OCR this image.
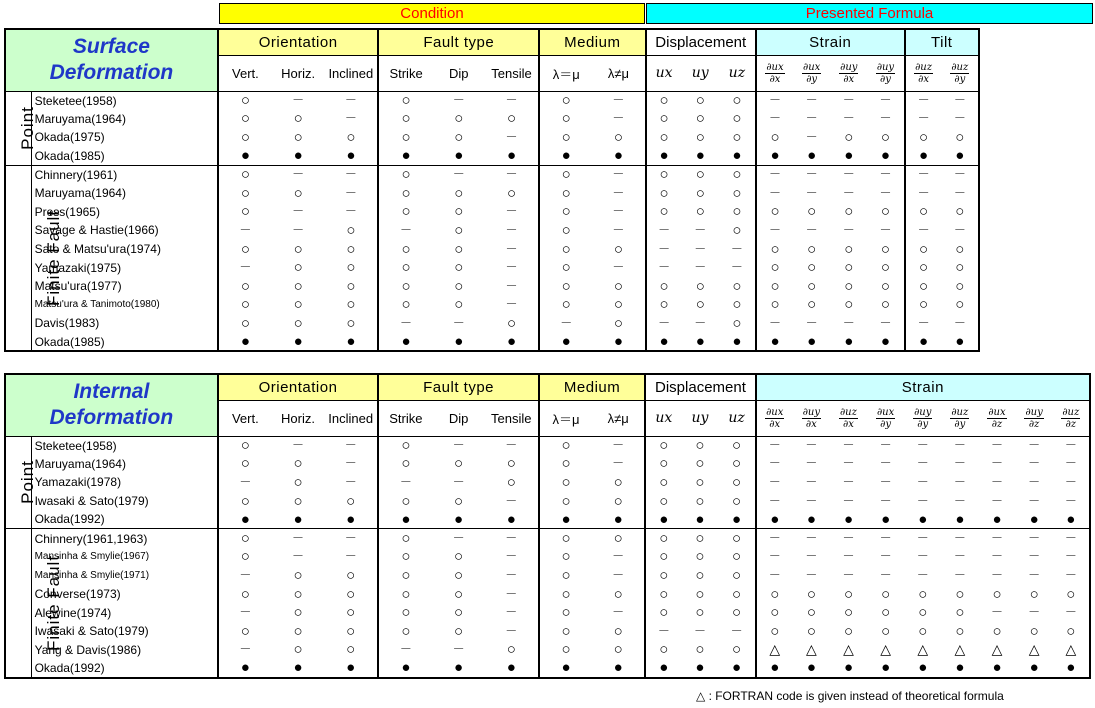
Condition	Presented Formula
Surface
Deformation		Orientation			Fault type			Medium		Displacement			Strain				Tilt	
		Vert.	Horiz.	Inclined	Strike	Dip	Tensile	λ＝μ	λ≠μ	ux	uy	uz	$\frac{\partial ux}{\partial x}$	$\frac{\partial ux}{\partial y}$	$\frac{\partial uy}{\partial x}$	$\frac{\partial uy}{\partial y}$	$\frac{\partial uz}{\partial x}$	$\frac{\partial uz}{\partial y}$

Point	Steketee(1958)	○	－	－	○	－	－	○	－	○	○	○	－	－	－	－	－	－
	Maruyama(1964)	○	○	－	○	○	○	○	－	○	○	○	－	－	－	－	－	－
	Okada(1975)	○	○	○	○	○	－	○	○	○	○	○	○	－	○	○	○	○
	Okada(1985)	●	●	●	●	●	●	●	●	●	●	●	●	●	●	●	●	●
Finite Fault	Chinnery(1961)	○	－	－	○	－	－	○	－	○	○	○	－	－	－	－	－	－
	Maruyama(1964)	○	○	－	○	○	○	○	－	○	○	○	－	－	－	－	－	－
	Press(1965)	○	－	－	○	○	－	○	－	○	○	○	○	○	○	○	○	○
	Savage & Hastie(1966)	－	－	○	－	○	－	○	－	－	－	○	－	－	－	－	－	－
	Sato & Matsu'ura(1974)	○	○	○	○	○	－	○	○	－	－	－	○	○	○	○	○	○
	Yamazaki(1975)	－	○	○	○	○	－	○	－	－	－	－	○	○	○	○	○	○
	Matsu'ura(1977)	○	○	○	○	○	－	○	○	○	○	○	○	○	○	○	○	○
	Matsu'ura & Tanimoto(1980)	○	○	○	○	○	－	○	○	○	○	○	○	○	○	○	○	○
	Davis(1983)	○	○	○	－	－	○	－	○	－	－	○	－	－	－	－	－	－
	Okada(1985)	●	●	●	●	●	●	●	●	●	●	●	●	●	●	●	●	●
Internal
Deformation		Orientation			Fault type			Medium		Displacement			Strain								
		Vert.	Horiz.	Inclined	Strike	Dip	Tensile	λ＝μ	λ≠μ	ux	uy	uz	$\frac{\partial ux}{\partial x}$	$\frac{\partial uy}{\partial x}$	$\frac{\partial uz}{\partial x}$	$\frac{\partial ux}{\partial y}$	$\frac{\partial uy}{\partial y}$	$\frac{\partial uz}{\partial y}$	$\frac{\partial ux}{\partial z}$	$\frac{\partial uy}{\partial z}$	$\frac{\partial uz}{\partial z}$

Point	Steketee(1958)	○	－	－	○	－	－	○	－	○	○	○	－	－	－	－	－	－	－	－	－
	Maruyama(1964)	○	○	－	○	○	○	○	－	○	○	○	－	－	－	－	－	－	－	－	－
	Yamazaki(1978)	－	○	－	－	－	○	○	○	○	○	○	－	－	－	－	－	－	－	－	－
	Iwasaki & Sato(1979)	○	○	○	○	○	－	○	○	○	○	○	－	－	－	－	－	－	－	－	－
	Okada(1992)	●	●	●	●	●	●	●	●	●	●	●	●	●	●	●	●	●	●	●	●
Finite Fault	Chinnery(1961,1963)	○	－	－	○	－	－	○	○	○	○	○	－	－	－	－	－	－	－	－	－
	Mansinha & Smylie(1967)	○	－	－	○	○	－	○	－	○	○	○	－	－	－	－	－	－	－	－	－
	Mansinha & Smylie(1971)	－	○	○	○	○	－	○	－	○	○	○	－	－	－	－	－	－	－	－	－
	Converse(1973)	○	○	○	○	○	－	○	○	○	○	○	○	○	○	○	○	○	○	○	○
	Alewine(1974)	－	○	○	○	○	－	○	－	○	○	○	○	○	○	○	○	○	－	－	－
	Iwasaki & Sato(1979)	○	○	○	○	○	－	○	○	－	－	－	○	○	○	○	○	○	○	○	○
	Yang & Davis(1986)	－	○	○	－	－	○	○	○	○	○	○	△	△	△	△	△	△	△	△	△
	Okada(1992)	●	●	●	●	●	●	●	●	●	●	●	●	●	●	●	●	●	●	●	●
△ : FORTRAN code is given instead of theoretical formula
